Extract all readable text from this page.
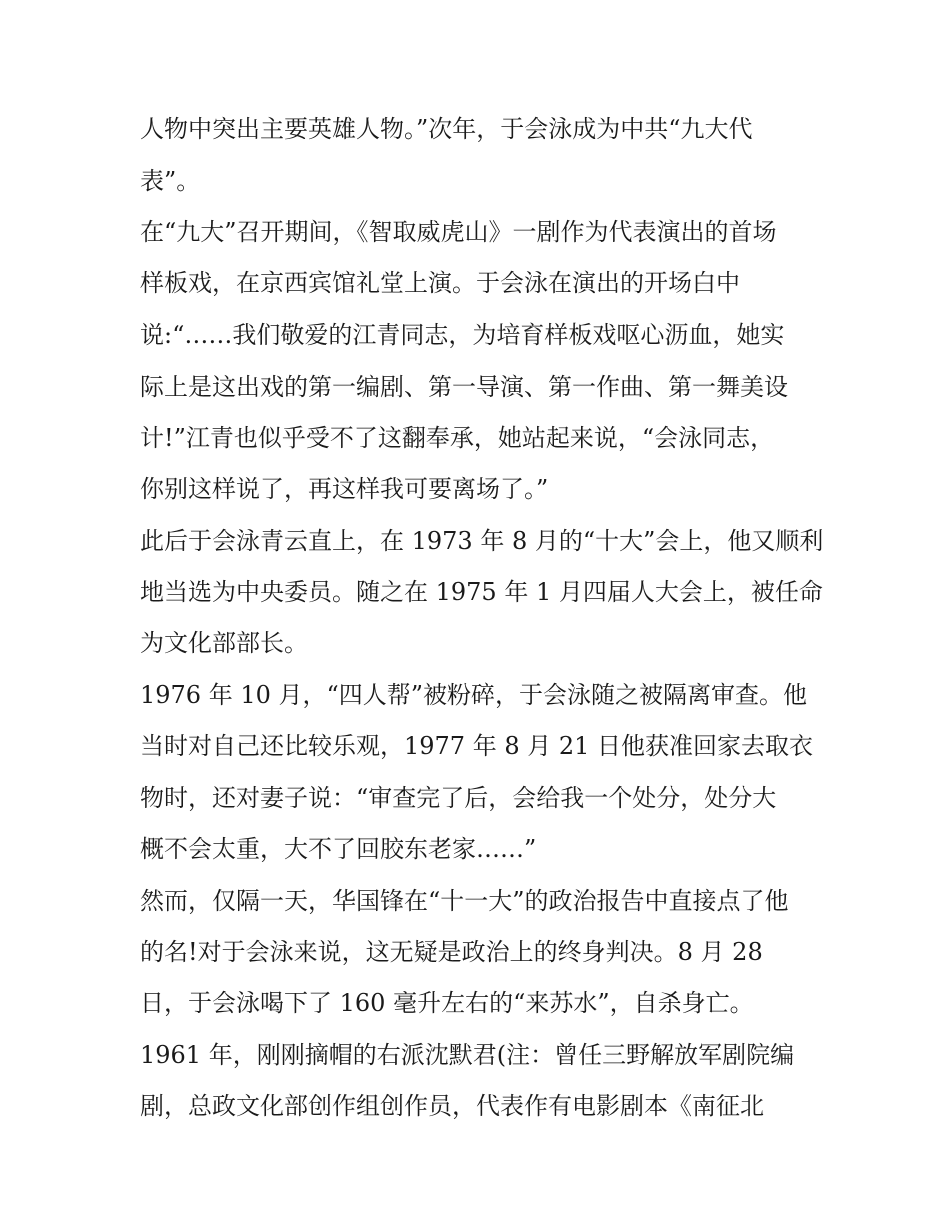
人物中突出主要英雄人物。”次年，于会泳成为中共“九大代
表”。
在“九大”召开期间，《智取威虎山》一剧作为代表演出的首场
样板戏，在京西宾馆礼堂上演。于会泳在演出的开场白中
说:“……我们敬爱的江青同志，为培育样板戏呕心沥血，她实
际上是这出戏的第一编剧、第一导演、第一作曲、第一舞美设
计!”江青也似乎受不了这翻奉承，她站起来说，“会泳同志，
你别这样说了，再这样我可要离场了。”
此后于会泳青云直上，在 1973 年 8 月的“十大”会上，他又顺利
地当选为中央委员。随之在 1975 年 1 月四届人大会上，被任命
为文化部部长。
1976 年 10 月，“四人帮”被粉碎，于会泳随之被隔离审查。他
当时对自己还比较乐观，1977 年 8 月 21 日他获准回家去取衣
物时，还对妻子说：“审查完了后，会给我一个处分，处分大
概不会太重，大不了回胶东老家……”
然而，仅隔一天，华国锋在“十一大”的政治报告中直接点了他
的名!对于会泳来说，这无疑是政治上的终身判决。8 月 28
日，于会泳喝下了 160 毫升左右的“来苏水”，自杀身亡。
1961 年，刚刚摘帽的右派沈默君(注：曾任三野解放军剧院编
剧，总政文化部创作组创作员，代表作有电影剧本《南征北
